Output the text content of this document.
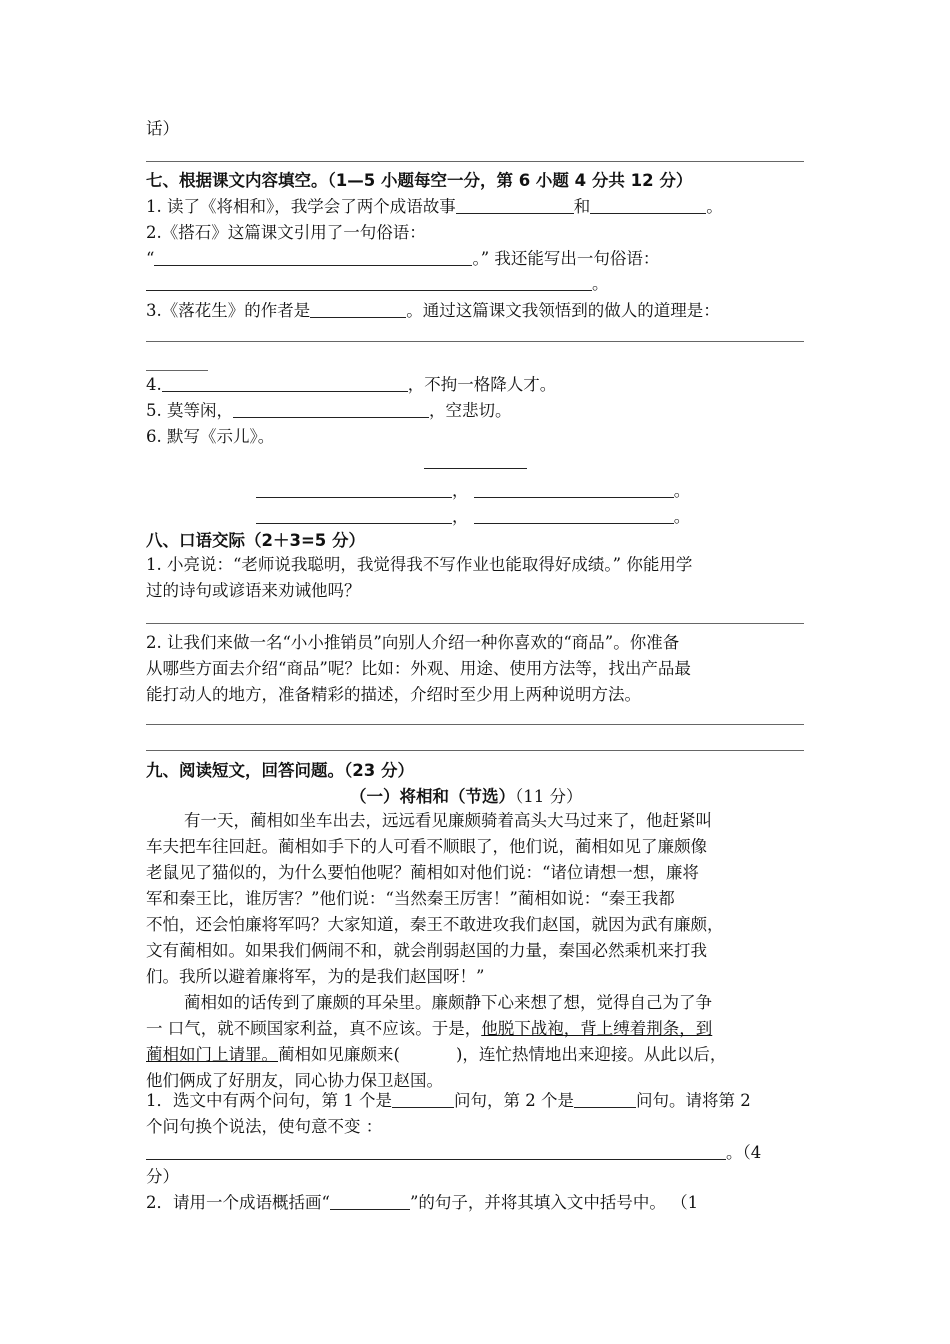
话）
七、根据课文内容填空。（1—5 小题每空一分，第 6 小题 4 分共 12 分）
1. 读了《将相和》，我学会了两个成语故事	和	。
2.《搭石》这篇课文引用了一句俗语：
“	。” 我还能写出一句俗语：
。
3.《落花生》的作者是	。通过这篇课文我领悟到的做人的道理是：
4.	，不拘一格降人才。
5. 莫等闲，	，空悲切。
6. 默写《示儿》。
，	。
，	。
八、口语交际（2＋3=5 分）
1. 小亮说：“老师说我聪明，我觉得我不写作业也能取得好成绩。” 你能用学
过的诗句或谚语来劝诫他吗？
2. 让我们来做一名“小小推销员”向别人介绍一种你喜欢的“商品”。你准备
从哪些方面去介绍“商品”呢？比如：外观、用途、使用方法等，找出产品最
能打动人的地方，准备精彩的描述，介绍时至少用上两种说明方法。
九、阅读短文，回答问题。（23 分）
（一）将相和（节选）（11 分）
有一天，蔺相如坐车出去，远远看见廉颇骑着高头大马过来了，他赶紧叫
车夫把车往回赶。蔺相如手下的人可看不顺眼了，他们说，蔺相如见了廉颇像
老鼠见了猫似的，为什么要怕他呢？蔺相如对他们说：“诸位请想一想，廉将
军和秦王比，谁厉害？”他们说：“当然秦王厉害！”蔺相如说：“秦王我都
不怕，还会怕廉将军吗？大家知道，秦王不敢进攻我们赵国，就因为武有廉颇，
文有蔺相如。如果我们俩闹不和，就会削弱赵国的力量，秦国必然乘机来打我
们。我所以避着廉将军，为的是我们赵国呀！”
蔺相如的话传到了廉颇的耳朵里。廉颇静下心来想了想，觉得自己为了争
一 口气，就不顾国家利益，真不应该。于是，他脱下战袍，背上缚着荆条，到
蔺相如门上请罪。蔺相如见廉颇来(	)，连忙热情地出来迎接。从此以后，
他们俩成了好朋友，同心协力保卫赵国。
1．选文中有两个问句，第 1 个是	问句，第 2 个是	问句。请将第 2
个问句换个说法，使句意不变 ：
。（4
分）
2．请用一个成语概括画“	”的句子，并将其填入文中括号中。 （1
